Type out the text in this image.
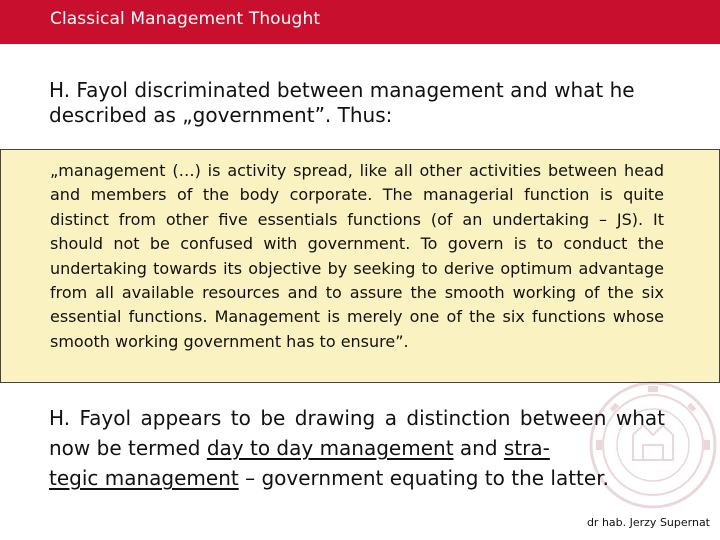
Classical Management Thought
H. Fayol discriminated between management and what he
described as „government”. Thus:
„management (…) is activity spread, like all other activities between head and members of the body corporate. The managerial function is quite distinct from other five essentials functions (of an undertaking – JS). It should not be confused with government. To govern is to conduct the undertaking towards its objective by seeking to derive optimum advantage from all available resources and to assure the smooth working of the six essential functions. Management is merely one of the six functions whose smooth working government has to ensure”.
H. Fayol appears to be drawing a distinction between what now be termed day to day management and stra-
tegic management – government equating to the latter.
dr hab. Jerzy Supernat
